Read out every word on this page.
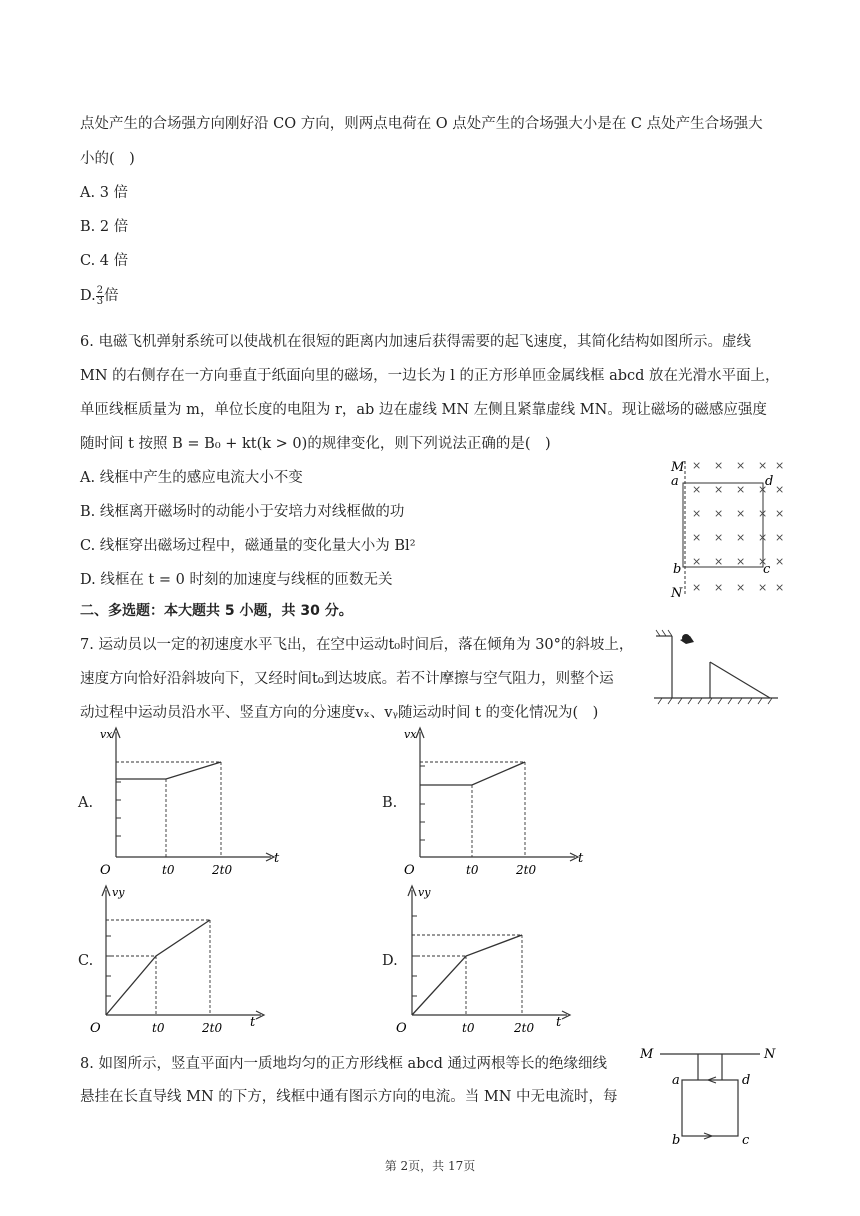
点处产生的合场强方向刚好沿 CO 方向，则两点电荷在 O 点处产生的合场强大小是在 C 点处产生合场强大
小的(　)
A. 3 倍
B. 2 倍
C. 4 倍
D. $\frac{2}{3}$ 倍
6. 电磁飞机弹射系统可以使战机在很短的距离内加速后获得需要的起飞速度，其简化结构如图所示。虚线
MN 的右侧存在一方向垂直于纸面向里的磁场，一边长为 l 的正方形单匝金属线框 abcd 放在光滑水平面上，
单匝线框质量为 m，单位长度的电阻为 r，ab 边在虚线 MN 左侧且紧靠虚线 MN。现让磁场的磁感应强度
随时间 t 按照 B = B₀ + kt(k > 0)的规律变化，则下列说法正确的是(　)
A. 线框中产生的感应电流大小不变
B. 线框离开磁场时的动能小于安培力对线框做的功
C. 线框穿出磁场过程中，磁通量的变化量大小为 Bl²
D. 线框在 t = 0 时刻的加速度与线框的匝数无关
× × × × ×
× × × × ×
× × × × ×
× × × × ×
× × × × ×
× × × × ×
M
a	d
b	c
N
二、多选题：本大题共 5 小题，共 30 分。
7. 运动员以一定的初速度水平飞出，在空中运动t₀时间后，落在倾角为 30°的斜坡上，
速度方向恰好沿斜坡向下，又经时间t₀到达坡底。若不计摩擦与空气阻力，则整个运
动过程中运动员沿水平、竖直方向的分速度vₓ、vᵧ随运动时间 t 的变化情况为(　)
A.	B.
C.	D.
vx
O	t0	2t0
t
vx
O	t0	2t0
t
vy
O	t0	2t0 t
vy
O	t0	2t0 t
8. 如图所示，竖直平面内一质地均匀的正方形线框 abcd 通过两根等长的绝缘细线
悬挂在长直导线 MN 的下方，线框中通有图示方向的电流。当 MN 中无电流时，每
M	N
a	d
b	c
第 2页，共 17页
